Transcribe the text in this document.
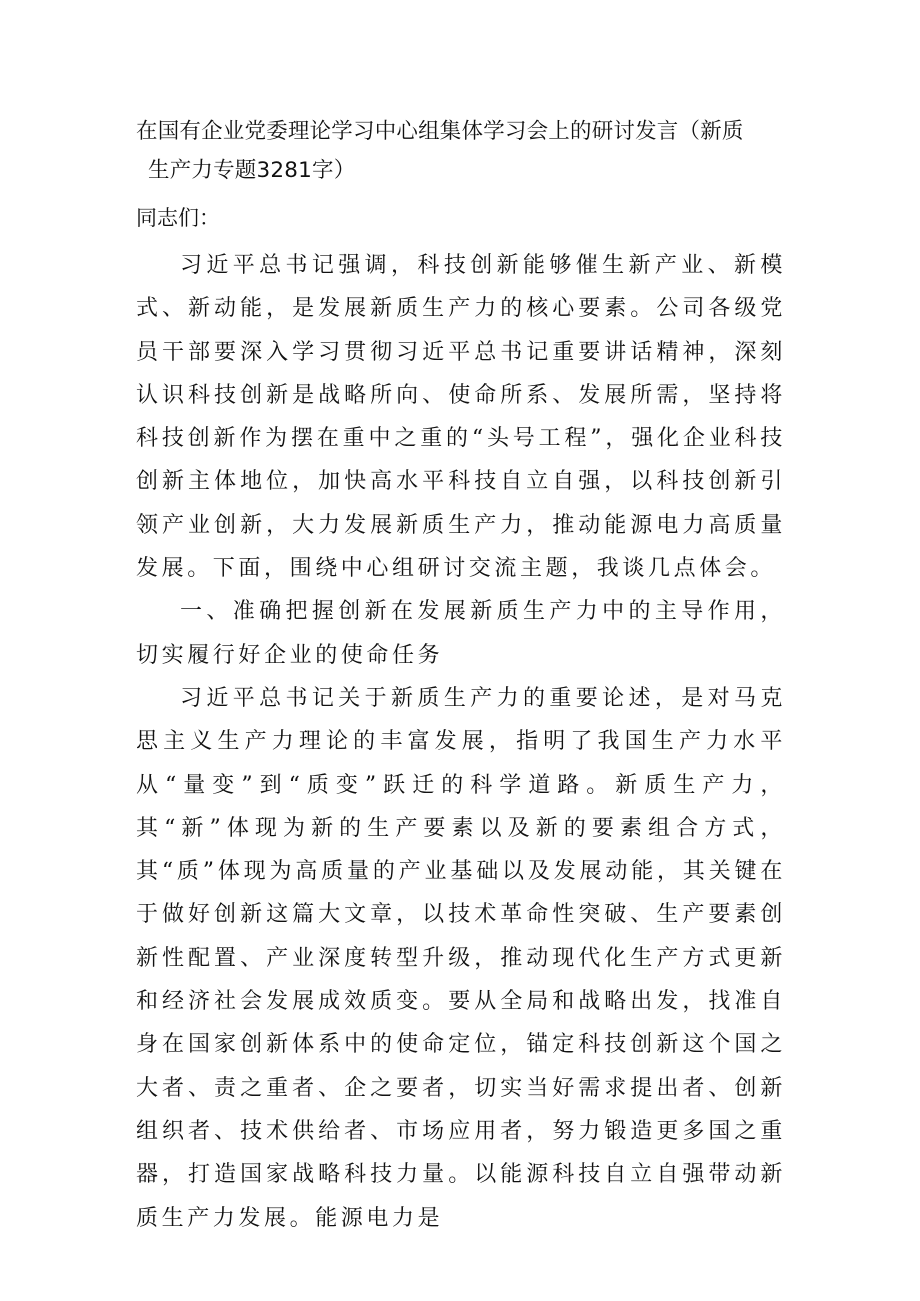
在国有企业党委理论学习中心组集体学习会上的研讨发言（新质
生产力专题3281字）
同志们：

习近平总书记强调，科技创新能够催生新产业、新模式、新动能，是发展新质生产力的核心要素。公司各级党员干部要深入学习贯彻习近平总书记重要讲话精神，深刻认识科技创新是战略所向、使命所系、发展所需，坚持将科技创新作为摆在重中之重的“头号工程”，强化企业科技创新主体地位，加快高水平科技自立自强，以科技创新引领产业创新，大力发展新质生产力，推动能源电力高质量发展。下面，围绕中心组研讨交流主题，我谈几点体会。

一、准确把握创新在发展新质生产力中的主导作用，切实履行好企业的使命任务

习近平总书记关于新质生产力的重要论述，是对马克思主义生产力理论的丰富发展，指明了我国生产力水平从“量变”到“质变”跃迁的科学道路。新质生产力，其“新”体现为新的生产要素以及新的要素组合方式，其“质”体现为高质量的产业基础以及发展动能，其关键在于做好创新这篇大文章，以技术革命性突破、生产要素创新性配置、产业深度转型升级，推动现代化生产方式更新和经济社会发展成效质变。要从全局和战略出发，找准自身在国家创新体系中的使命定位，锚定科技创新这个国之大者、责之重者、企之要者，切实当好需求提出者、创新组织者、技术供给者、市场应用者，努力锻造更多国之重器，打造国家战略科技力量。以能源科技自立自强带动新质生产力发展。能源电力是
